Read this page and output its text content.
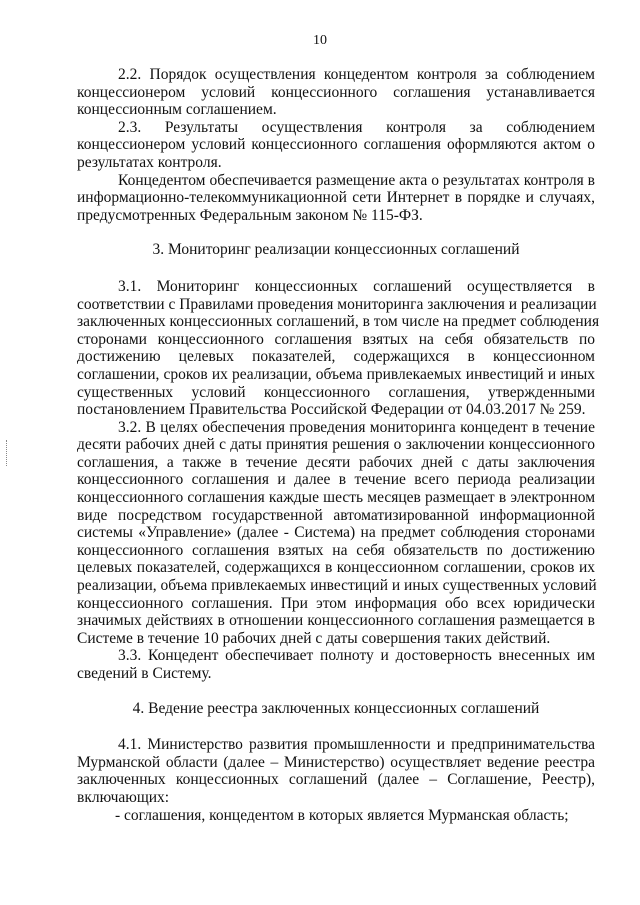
10
2.2. Порядок осуществления концедентом контроля за соблюдением
концессионером условий концессионного соглашения устанавливается
концессионным соглашением.
2.3. Результаты осуществления контроля за соблюдением
концессионером условий концессионного соглашения оформляются актом о
результатах контроля.
Концедентом обеспечивается размещение акта о результатах контроля в
информационно-телекоммуникационной сети Интернет в порядке и случаях,
предусмотренных Федеральным законом № 115-ФЗ.
3. Мониторинг реализации концессионных соглашений
3.1. Мониторинг концессионных соглашений осуществляется в
соответствии с Правилами проведения мониторинга заключения и реализации
заключенных концессионных соглашений, в том числе на предмет соблюдения
сторонами концессионного соглашения взятых на себя обязательств по
достижению целевых показателей, содержащихся в концессионном
соглашении, сроков их реализации, объема привлекаемых инвестиций и иных
существенных условий концессионного соглашения, утвержденными
постановлением Правительства Российской Федерации от 04.03.2017 № 259.
3.2. В целях обеспечения проведения мониторинга концедент в течение
десяти рабочих дней с даты принятия решения о заключении концессионного
соглашения, а также в течение десяти рабочих дней с даты заключения
концессионного соглашения и далее в течение всего периода реализации
концессионного соглашения каждые шесть месяцев размещает в электронном
виде посредством государственной автоматизированной информационной
системы «Управление» (далее - Система) на предмет соблюдения сторонами
концессионного соглашения взятых на себя обязательств по достижению
целевых показателей, содержащихся в концессионном соглашении, сроков их
реализации, объема привлекаемых инвестиций и иных существенных условий
концессионного соглашения. При этом информация обо всех юридически
значимых действиях в отношении концессионного соглашения размещается в
Системе в течение 10 рабочих дней с даты совершения таких действий.
3.3. Концедент обеспечивает полноту и достоверность внесенных им
сведений в Систему.
4. Ведение реестра заключенных концессионных соглашений
4.1. Министерство развития промышленности и предпринимательства
Мурманской области (далее – Министерство) осуществляет ведение реестра
заключенных концессионных соглашений (далее – Соглашение, Реестр),
включающих:
- соглашения, концедентом в которых является Мурманская область;
